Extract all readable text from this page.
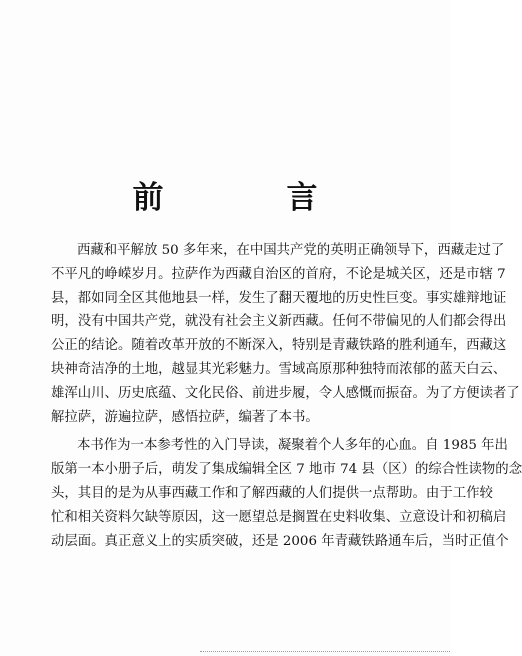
前　言

西藏和平解放 50 多年来，在中国共产党的英明正确领导下，西藏走过了
不平凡的峥嵘岁月。拉萨作为西藏自治区的首府，不论是城关区，还是市辖 7
县，都如同全区其他地县一样，发生了翻天覆地的历史性巨变。事实雄辩地证
明，没有中国共产党，就没有社会主义新西藏。任何不带偏见的人们都会得出
公正的结论。随着改革开放的不断深入，特别是青藏铁路的胜利通车，西藏这
块神奇洁净的土地，越显其光彩魅力。雪域高原那种独特而浓郁的蓝天白云、
雄浑山川、历史底蕴、文化民俗、前进步履，令人感慨而振奋。为了方便读者了
解拉萨，游遍拉萨，感悟拉萨，编著了本书。

本书作为一本参考性的入门导读，凝聚着个人多年的心血。自 1985 年出
版第一本小册子后，萌发了集成编辑全区 7 地市 74 县（区）的综合性读物的念
头，其目的是为从事西藏工作和了解西藏的人们提供一点帮助。由于工作较
忙和相关资料欠缺等原因，这一愿望总是搁置在史料收集、立意设计和初稿启
动层面。真正意义上的实质突破，还是 2006 年青藏铁路通车后，当时正值个
